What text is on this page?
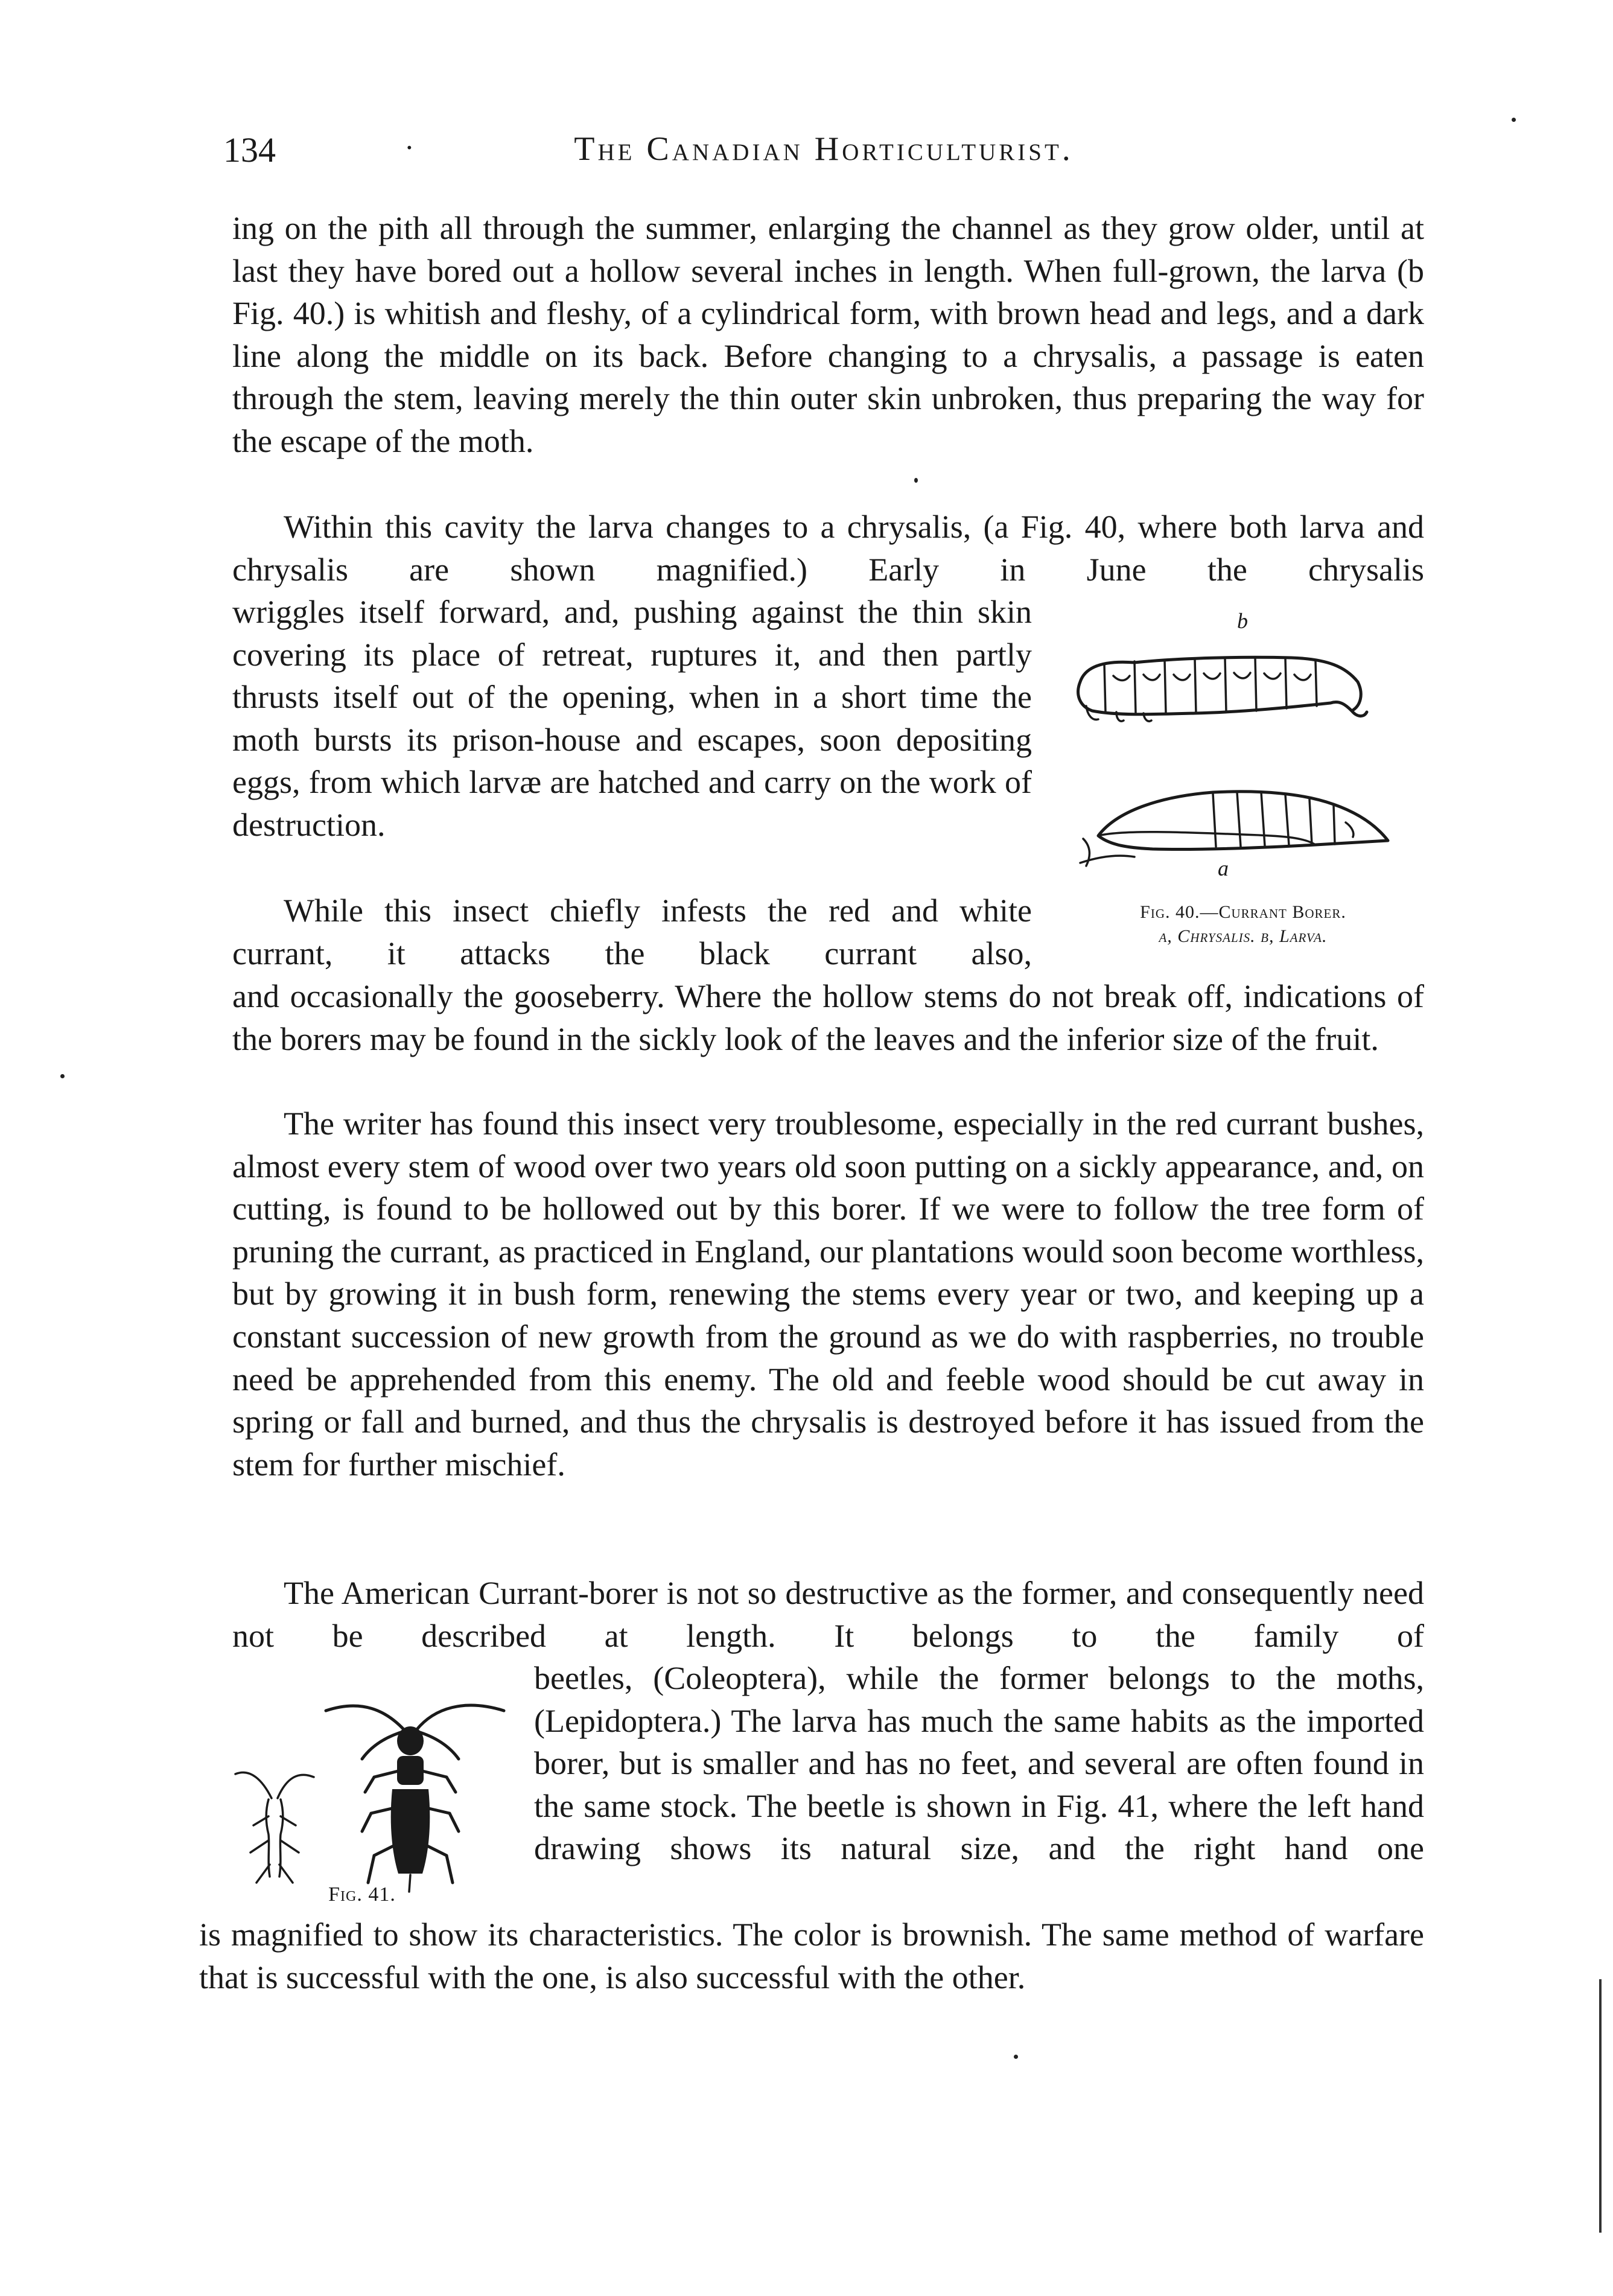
134	·	The Canadian Horticulturist.

ing on the pith all through the summer, enlarging the channel as they grow older, until at last they have bored out a hollow several inches in length. When full-grown, the larva (b Fig. 40.) is whitish and fleshy, of a cylindrical form, with brown head and legs, and a dark line along the middle on its back. Before changing to a chrysalis, a passage is eaten through the stem, leaving merely the thin outer skin unbroken, thus preparing the way for the escape of the moth.

Within this cavity the larva changes to a chrysalis, (a Fig. 40, where both larva and chrysalis are shown magnified.) Early in June the chrysalis

wriggles itself forward, and, pushing against the thin skin covering its place of retreat, ruptures it, and then partly thrusts itself out of the opening, when in a short time the moth bursts its prison-house and escapes, soon depositing eggs, from which larvæ are hatched and carry on the work of destruction.

While this insect chiefly infests the red and white currant, it attacks the black currant also,

and occasionally the gooseberry. Where the hollow stems do not break off, indications of the borers may be found in the sickly look of the leaves and the inferior size of the fruit.

The writer has found this insect very troublesome, especially in the red currant bushes, almost every stem of wood over two years old soon putting on a sickly appearance, and, on cutting, is found to be hollowed out by this borer. If we were to follow the tree form of pruning the currant, as practiced in England, our plantations would soon become worthless, but by growing it in bush form, renewing the stems every year or two, and keeping up a constant succession of new growth from the ground as we do with raspberries, no trouble need be apprehended from this enemy. The old and feeble wood should be cut away in spring or fall and burned, and thus the chrysalis is destroyed before it has issued from the stem for further mischief.

The American Currant-borer is not so destructive as the former, and consequently need not be described at length. It belongs to the family of

beetles, (Coleoptera), while the former belongs to the moths, (Lepidoptera.) The larva has much the same habits as the imported borer, but is smaller and has no feet, and several are often found in the same stock. The beetle is shown in Fig. 41, where the left hand drawing shows its natural size, and the right hand one

is magnified to show its characteristics. The color is brownish. The same method of warfare that is successful with the one, is also successful with the other.

b
a
Fig. 40.—Currant Borer.
a, Chrysalis. b, Larva.
Fig. 41.
